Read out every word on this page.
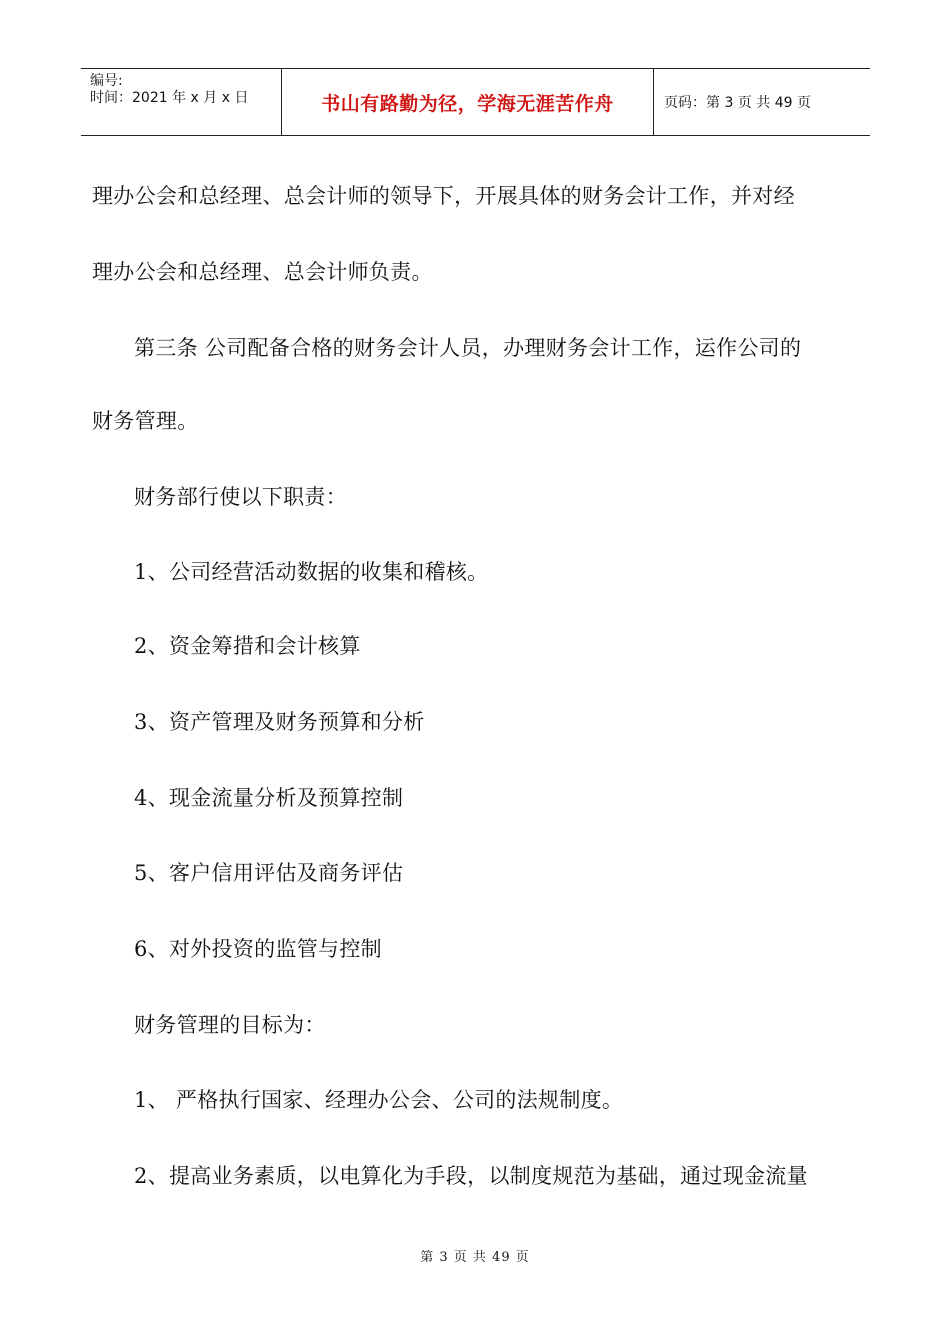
编号:
时间：2021 年 x 月 x 日	书山有路勤为径，学海无涯苦作舟	页码：第 3 页 共 49 页
理办公会和总经理、总会计师的领导下，开展具体的财务会计工作，并对经
理办公会和总经理、总会计师负责。
第三条 公司配备合格的财务会计人员，办理财务会计工作，运作公司的
财务管理。
财务部行使以下职责：
1、公司经营活动数据的收集和稽核。
2、资金筹措和会计核算
3、资产管理及财务预算和分析
4、现金流量分析及预算控制
5、客户信用评估及商务评估
6、对外投资的监管与控制
财务管理的目标为：
1、 严格执行国家、经理办公会、公司的法规制度。
2、提高业务素质，以电算化为手段，以制度规范为基础，通过现金流量
第 3 页 共 49 页
